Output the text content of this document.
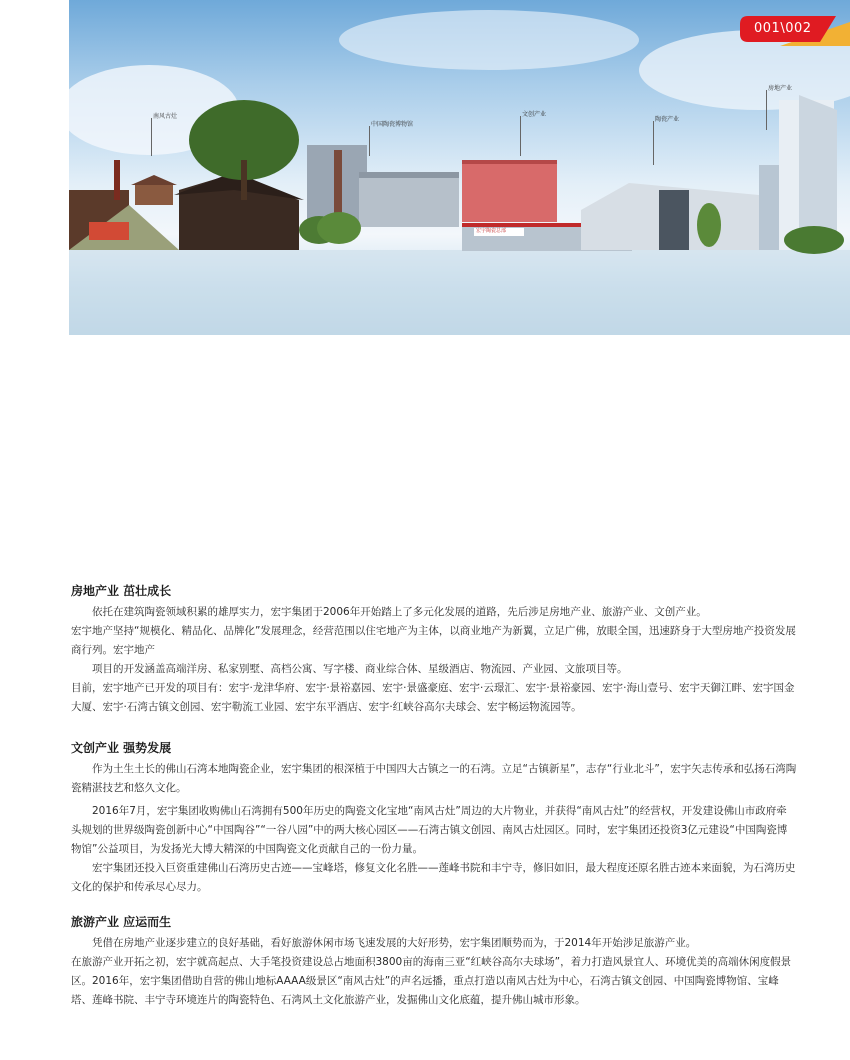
南风古灶
中国陶瓷博物馆
文创产业
陶瓷产业
房地产业
宏宇陶瓷总部
001\002
房地产业 茁壮成长

依托在建筑陶瓷领域积累的雄厚实力，宏宇集团于2006年开始踏上了多元化发展的道路，先后涉足房地产业、旅游产业、文创产业。

宏宇地产坚持“规模化、精品化、品牌化”发展理念，经营范围以住宅地产为主体，以商业地产为新翼，立足广佛，放眼全国，迅速跻身于大型房地产投资发展商行列。宏宇地产

项目的开发涵盖高端洋房、私家别墅、高档公寓、写字楼、商业综合体、星级酒店、物流园、产业园、文旅项目等。

目前，宏宇地产已开发的项目有：宏宇·龙津华府、宏宇·景裕嘉园、宏宇·景盛豪庭、宏宇·云璟汇、宏宇·景裕豪园、宏宇·海山壹号、宏宇天御江畔、宏宇国金大厦、宏宇·石湾古镇文创园、宏宇勒流工业园、宏宇东平酒店、宏宇·红峡谷高尔夫球会、宏宇畅运物流园等。

文创产业 强势发展

作为土生土长的佛山石湾本地陶瓷企业，宏宇集团的根深植于中国四大古镇之一的石湾。立足“古镇新星”，志存“行业北斗”，宏宇矢志传承和弘扬石湾陶瓷精湛技艺和悠久文化。

2016年7月，宏宇集团收购佛山石湾拥有500年历史的陶瓷文化宝地“南风古灶”周边的大片物业，并获得“南风古灶”的经营权，开发建设佛山市政府牵头规划的世界级陶瓷创新中心“中国陶谷”“一谷八园”中的两大核心园区——石湾古镇文创园、南风古灶园区。同时，宏宇集团还投资3亿元建设“中国陶瓷博物馆”公益项目，为发扬光大博大精深的中国陶瓷文化贡献自己的一份力量。

宏宇集团还投入巨资重建佛山石湾历史古迹——宝峰塔，修复文化名胜——莲峰书院和丰宁寺，修旧如旧，最大程度还原名胜古迹本来面貌，为石湾历史文化的保护和传承尽心尽力。

旅游产业 应运而生

凭借在房地产业逐步建立的良好基础，看好旅游休闲市场飞速发展的大好形势，宏宇集团顺势而为，于2014年开始涉足旅游产业。

在旅游产业开拓之初，宏宇就高起点、大手笔投资建设总占地面积3800亩的海南三亚“红峡谷高尔夫球场”，着力打造风景宜人、环境优美的高端休闲度假景区。2016年，宏宇集团借助自营的佛山地标AAAA级景区“南风古灶”的声名远播，重点打造以南风古灶为中心，石湾古镇文创园、中国陶瓷博物馆、宝峰塔、莲峰书院、丰宁寺环境连片的陶瓷特色、石湾风土文化旅游产业，发掘佛山文化底蕴，提升佛山城市形象。
